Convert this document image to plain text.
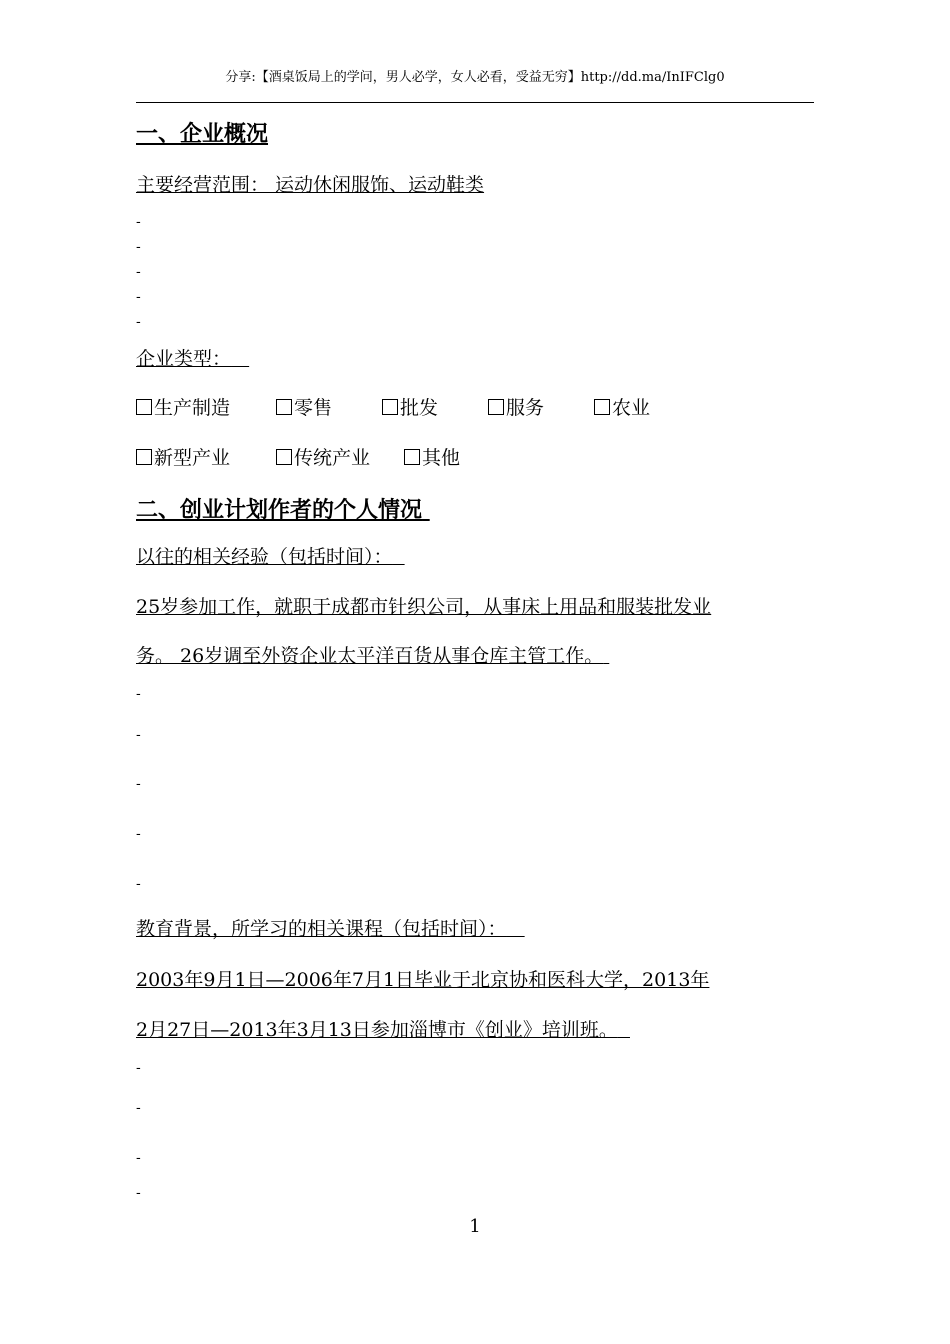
分享:【酒桌饭局上的学问，男人必学，女人必看，受益无穷】http://dd.ma/InIFClg0
一、企业概况
主要经营范围： 运动休闲服饰、运动鞋类
-
-
-
-
-
企业类型：
生产制造	零售	批发	服务	农业
新型产业	传统产业	其他
二、创业计划作者的个人情况
以往的相关经验（包括时间）：
25岁参加工作，就职于成都市针织公司，从事床上用品和服装批发业
务。 26岁调至外资企业太平洋百货从事仓库主管工作。
-
-
-
-
-
教育背景，所学习的相关课程（包括时间）：
2003年9月1日—2006年7月1日毕业于北京协和医科大学，2013年
2月27日—2013年3月13日参加淄博市《创业》培训班。
-
-
-
-
1
